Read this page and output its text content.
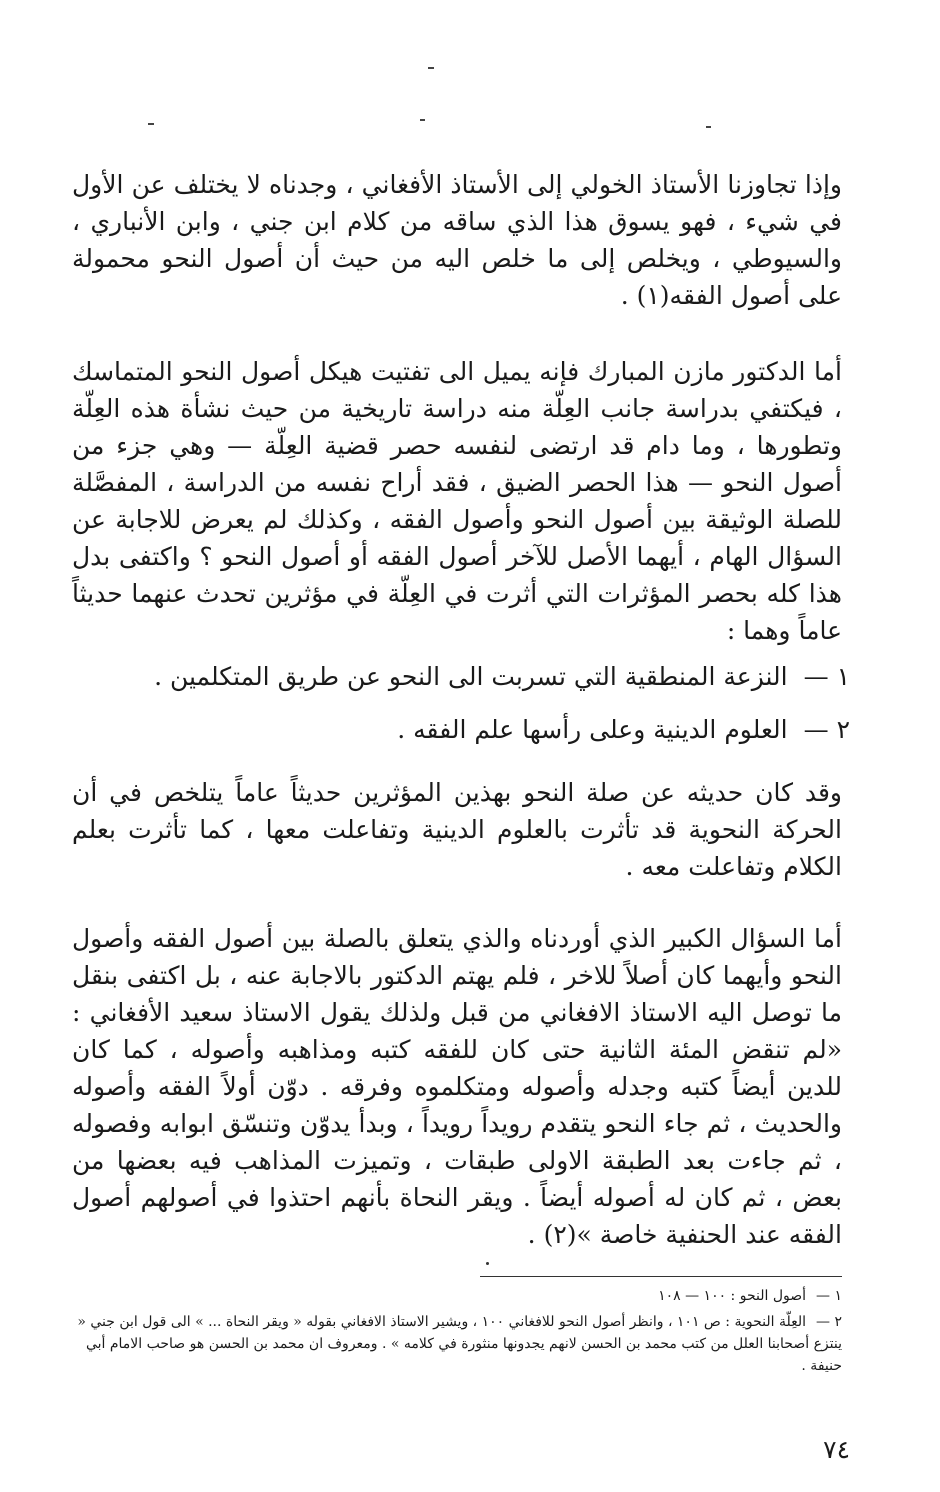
وإذا تجاوزنا الأستاذ الخولي إلى الأستاذ الأفغاني ، وجدناه لا يختلف عن الأول في شيء ، فهو يسوق هذا الذي ساقه من كلام ابن جني ، وابن الأنباري ، والسيوطي ، ويخلص إلى ما خلص اليه من حيث أن أصول النحو محمولة على أصول الفقه(١) .

أما الدكتور مازن المبارك فإنه يميل الى تفتيت هيكل أصول النحو المتماسك ، فيكتفي بدراسة جانب العِلّة منه دراسة تاريخية من حيث نشأة هذه العِلّة وتطورها ، وما دام قد ارتضى لنفسه حصر قضية العِلّة — وهي جزء من أصول النحو — هذا الحصر الضيق ، فقد أراح نفسه من الدراسة ، المفصَّلة للصلة الوثيقة بين أصول النحو وأصول الفقه ، وكذلك لم يعرض للاجابة عن السؤال الهام ، أيهما الأصل للآخر أصول الفقه أو أصول النحو ؟ واكتفى بدل هذا كله بحصر المؤثرات التي أثرت في العِلّة في مؤثرين تحدث عنهما حديثاً عاماً وهما :

١ —النزعة المنطقية التي تسربت الى النحو عن طريق المتكلمين .

٢ —العلوم الدينية وعلى رأسها علم الفقه .

وقد كان حديثه عن صلة النحو بهذين المؤثرين حديثاً عاماً يتلخص في أن الحركة النحوية قد تأثرت بالعلوم الدينية وتفاعلت معها ، كما تأثرت بعلم الكلام وتفاعلت معه .

أما السؤال الكبير الذي أوردناه والذي يتعلق بالصلة بين أصول الفقه وأصول النحو وأيهما كان أصلاً للاخر ، فلم يهتم الدكتور بالاجابة عنه ، بل اكتفى بنقل ما توصل اليه الاستاذ الافغاني من قبل ولذلك يقول الاستاذ سعيد الأفغاني : «لم تنقض المئة الثانية حتى كان للفقه كتبه ومذاهبه وأصوله ، كما كان للدين أيضاً كتبه وجدله وأصوله ومتكلموه وفرقه . دوّن أولاً الفقه وأصوله والحديث ، ثم جاء النحو يتقدم رويداً رويداً ، وبدأ يدوّن وتنسّق ابوابه وفصوله ، ثم جاءت بعد الطبقة الاولى طبقات ، وتميزت المذاهب فيه بعضها من بعض ، ثم كان له أصوله أيضاً . ويقر النحاة بأنهم احتذوا في أصولهم أصول الفقه عند الحنفية خاصة »(٢) .

١ —أصول النحو : ١٠٠ — ١٠٨

٢ —العِلّة النحوية : ص ١٠١ ، وانظر أصول النحو للافغاني ١٠٠ ، ويشير الاستاذ الافغاني بقوله « ويقر النحاة ... » الى قول ابن جني « ينتزع أصحابنا العلل من كتب محمد بن الحسن لانهم يجدونها منثورة في كلامه » . ومعروف ان محمد بن الحسن هو صاحب الامام أبي حنيفة .

٧٤
